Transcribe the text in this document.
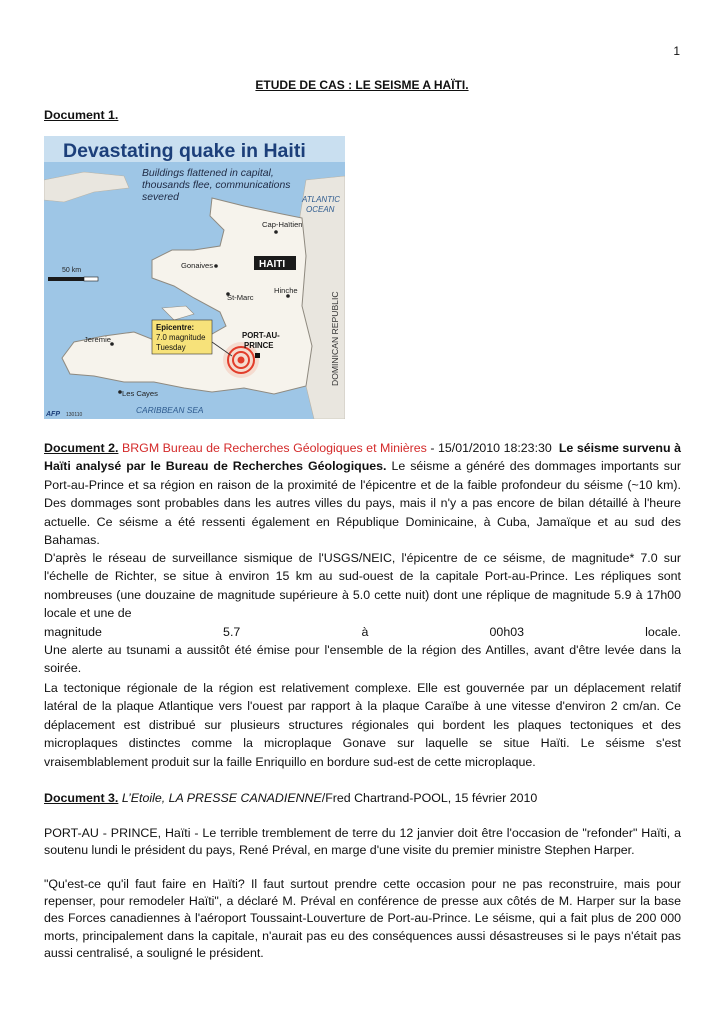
1
ETUDE DE CAS : LE SEISME A HAÏTI.
Document 1.
Devastating quake in Haiti
Buildings flattened in capital, thousands flee, communications severed	ATLANTIC OCEAN
DOMINICAN REPUBLIC
HAITI
50 km
Cap-Haïtien
Gonaives
St-Marc
Hinche
Jeremie
Les Cayes
PORT-AU- PRINCE
Epicentre: 7.0 magnitude Tuesday
CARIBBEAN SEA
AFP 130110
Document 2. BRGM Bureau de Recherches Géologiques et Minières - 15/01/2010 18:23:30 Le séisme survenu à Haïti analysé par le Bureau de Recherches Géologiques. Le séisme a généré des dommages importants sur Port-au-Prince et sa région en raison de la proximité de l'épicentre et de la faible profondeur du séisme (~10 km). Des dommages sont probables dans les autres villes du pays, mais il n'y a pas encore de bilan détaillé à l'heure actuelle. Ce séisme a été ressenti également en République Dominicaine, à Cuba, Jamaïque et au sud des Bahamas.
D'après le réseau de surveillance sismique de l'USGS/NEIC, l'épicentre de ce séisme, de magnitude* 7.0 sur l'échelle de Richter, se situe à environ 15 km au sud-ouest de la capitale Port-au-Prince. Les répliques sont nombreuses (une douzaine de magnitude supérieure à 5.0 cette nuit) dont une réplique de magnitude 5.9 à 17h00 locale et une de
magnitude	5.7	à	00h03	locale.
Une alerte au tsunami a aussitôt été émise pour l'ensemble de la région des Antilles, avant d'être levée dans la soirée.
La tectonique régionale de la région est relativement complexe. Elle est gouvernée par un déplacement relatif latéral de la plaque Atlantique vers l'ouest par rapport à la plaque Caraïbe à une vitesse d'environ 2 cm/an. Ce déplacement est distribué sur plusieurs structures régionales qui bordent les plaques tectoniques et des microplaques distinctes comme la microplaque Gonave sur laquelle se situe Haïti. Le séisme s'est vraisemblablement produit sur la faille Enriquillo en bordure sud-est de cette microplaque.
Document 3. L’Etoile, LA PRESSE CANADIENNE/Fred Chartrand-POOL, 15 février 2010
PORT-AU - PRINCE, Haïti - Le terrible tremblement de terre du 12 janvier doit être l'occasion de "refonder" Haïti, a soutenu lundi le président du pays, René Préval, en marge d'une visite du premier ministre Stephen Harper.
"Qu'est-ce qu'il faut faire en Haïti? Il faut surtout prendre cette occasion pour ne pas reconstruire, mais pour repenser, pour remodeler Haïti", a déclaré M. Préval en conférence de presse aux côtés de M. Harper sur la base des Forces canadiennes à l'aéroport Toussaint-Louverture de Port-au-Prince. Le séisme, qui a fait plus de 200 000 morts, principalement dans la capitale, n'aurait pas eu des conséquences aussi désastreuses si le pays n'était pas aussi centralisé, a souligné le président.
